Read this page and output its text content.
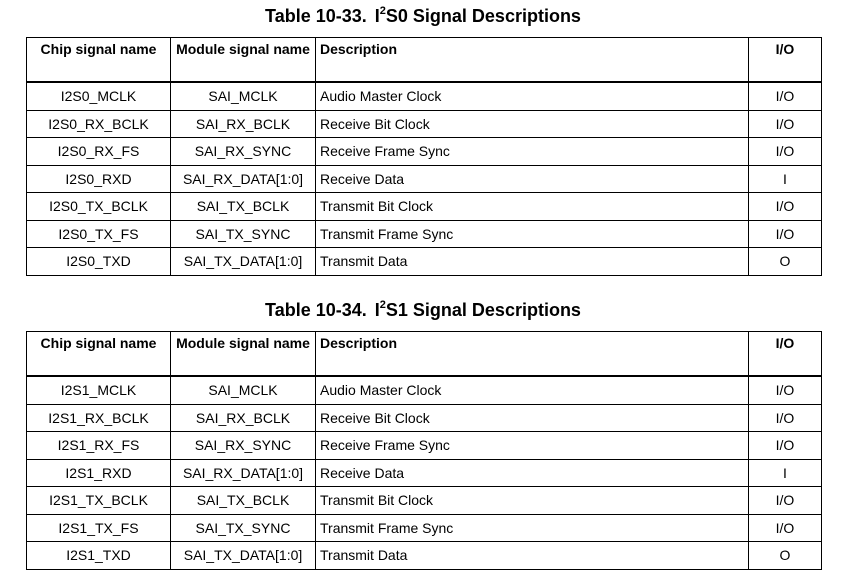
Table 10-33. $I^2S0$ Signal Descriptions
Chip signal name	Module signal name	Description	I/O
I2S0_MCLK	SAI_MCLK	Audio Master Clock	I/O
I2S0_RX_BCLK	SAI_RX_BCLK	Receive Bit Clock	I/O
I2S0_RX_FS	SAI_RX_SYNC	Receive Frame Sync	I/O
I2S0_RXD	SAI_RX_DATA[1:0]	Receive Data	I
I2S0_TX_BCLK	SAI_TX_BCLK	Transmit Bit Clock	I/O
I2S0_TX_FS	SAI_TX_SYNC	Transmit Frame Sync	I/O
I2S0_TXD	SAI_TX_DATA[1:0]	Transmit Data	O
Table 10-34. $I^2S1$ Signal Descriptions
Chip signal name	Module signal name	Description	I/O
I2S1_MCLK	SAI_MCLK	Audio Master Clock	I/O
I2S1_RX_BCLK	SAI_RX_BCLK	Receive Bit Clock	I/O
I2S1_RX_FS	SAI_RX_SYNC	Receive Frame Sync	I/O
I2S1_RXD	SAI_RX_DATA[1:0]	Receive Data	I
I2S1_TX_BCLK	SAI_TX_BCLK	Transmit Bit Clock	I/O
I2S1_TX_FS	SAI_TX_SYNC	Transmit Frame Sync	I/O
I2S1_TXD	SAI_TX_DATA[1:0]	Transmit Data	O
